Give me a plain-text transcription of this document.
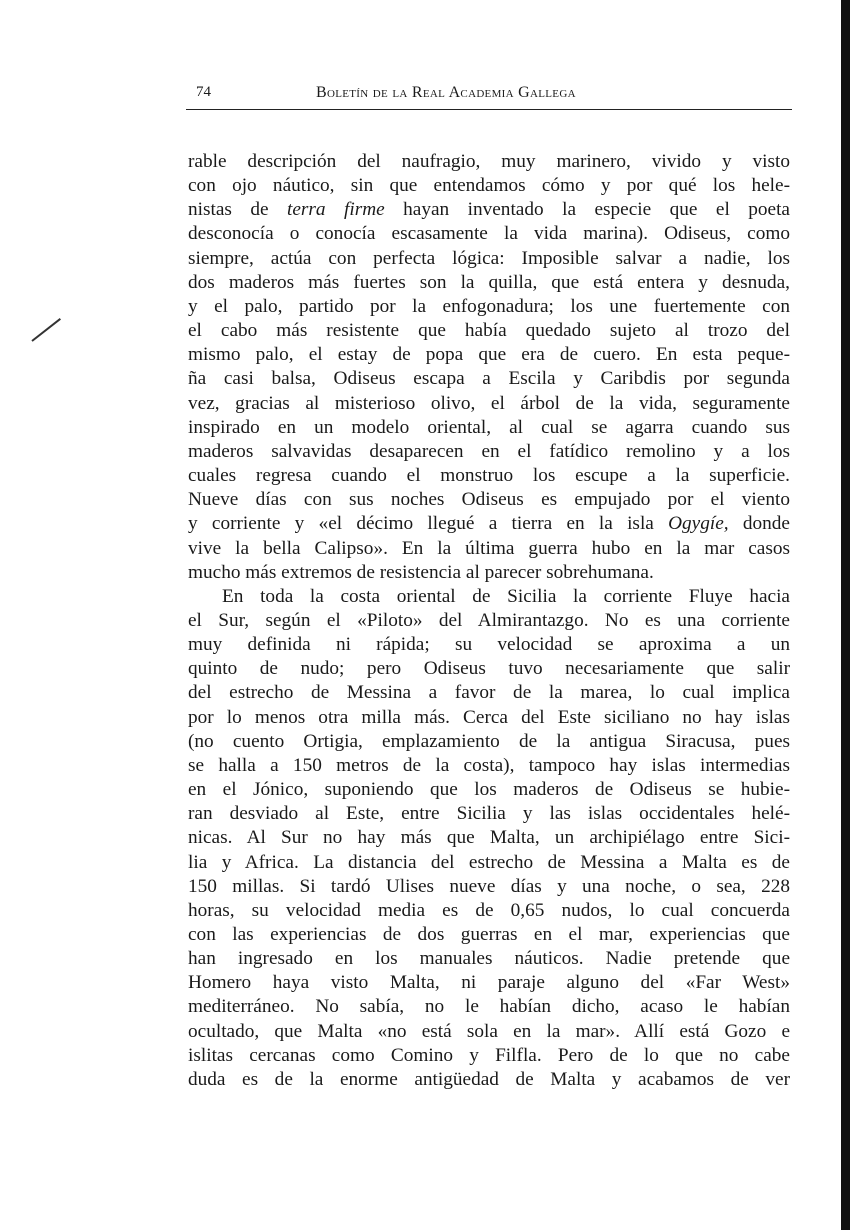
74	Boletín de la Real Academia Gallega
rable descripción del naufragio, muy marinero, vivido y visto
con ojo náutico, sin que entendamos cómo y por qué los hele-
nistas de terra firme hayan inventado la especie que el poeta
desconocía o conocía escasamente la vida marina). Odiseus, como
siempre, actúa con perfecta lógica: Imposible salvar a nadie, los
dos maderos más fuertes son la quilla, que está entera y desnuda,
y el palo, partido por la enfogonadura; los une fuertemente con
el cabo más resistente que había quedado sujeto al trozo del
mismo palo, el estay de popa que era de cuero. En esta peque-
ña casi balsa, Odiseus escapa a Escila y Caribdis por segunda
vez, gracias al misterioso olivo, el árbol de la vida, seguramente
inspirado en un modelo oriental, al cual se agarra cuando sus
maderos salvavidas desaparecen en el fatídico remolino y a los
cuales regresa cuando el monstruo los escupe a la superficie.
Nueve días con sus noches Odiseus es empujado por el viento
y corriente y «el décimo llegué a tierra en la isla Ogygíe, donde
vive la bella Calipso». En la última guerra hubo en la mar casos
mucho más extremos de resistencia al parecer sobrehumana.
En toda la costa oriental de Sicilia la corriente Fluye hacia
el Sur, según el «Piloto» del Almirantazgo. No es una corriente
muy definida ni rápida; su velocidad se aproxima a un
quinto de nudo; pero Odiseus tuvo necesariamente que salir
del estrecho de Messina a favor de la marea, lo cual implica
por lo menos otra milla más. Cerca del Este siciliano no hay islas
(no cuento Ortigia, emplazamiento de la antigua Siracusa, pues
se halla a 150 metros de la costa), tampoco hay islas intermedias
en el Jónico, suponiendo que los maderos de Odiseus se hubie-
ran desviado al Este, entre Sicilia y las islas occidentales helé-
nicas. Al Sur no hay más que Malta, un archipiélago entre Sici-
lia y Africa. La distancia del estrecho de Messina a Malta es de
150 millas. Si tardó Ulises nueve días y una noche, o sea, 228
horas, su velocidad media es de 0,65 nudos, lo cual concuerda
con las experiencias de dos guerras en el mar, experiencias que
han ingresado en los manuales náuticos. Nadie pretende que
Homero haya visto Malta, ni paraje alguno del «Far West»
mediterráneo. No sabía, no le habían dicho, acaso le habían
ocultado, que Malta «no está sola en la mar». Allí está Gozo e
islitas cercanas como Comino y Filfla. Pero de lo que no cabe
duda es de la enorme antigüedad de Malta y acabamos de ver
